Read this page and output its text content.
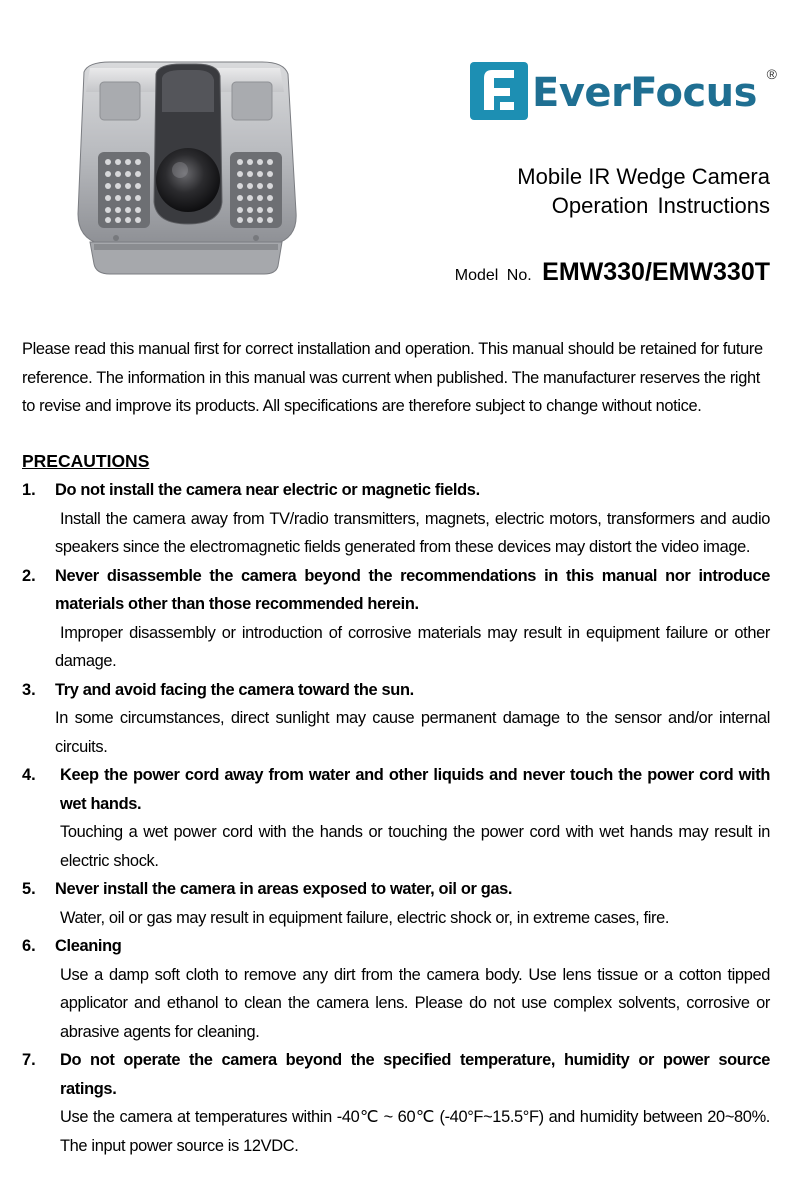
EverFocus ®
Mobile IR Wedge Camera
Operation Instructions
Model No. EMW330/EMW330T
Please read this manual first for correct installation and operation. This manual should be retained for future reference. The information in this manual was current when published. The manufacturer reserves the right to revise and improve its products. All specifications are therefore subject to change without notice.
PRECAUTIONS
1. Do not install the camera near electric or magnetic fields.
Install the camera away from TV/radio transmitters, magnets, electric motors, transformers and audio speakers since the electromagnetic fields generated from these devices may distort the video image.
2. Never disassemble the camera beyond the recommendations in this manual nor introduce materials other than those recommended herein.
Improper disassembly or introduction of corrosive materials may result in equipment failure or other damage.
3. Try and avoid facing the camera toward the sun.
In some circumstances, direct sunlight may cause permanent damage to the sensor and/or internal circuits.
4. Keep the power cord away from water and other liquids and never touch the power cord with wet hands.
Touching a wet power cord with the hands or touching the power cord with wet hands may result in electric shock.
5. Never install the camera in areas exposed to water, oil or gas.
Water, oil or gas may result in equipment failure, electric shock or, in extreme cases, fire.
6. Cleaning
Use a damp soft cloth to remove any dirt from the camera body. Use lens tissue or a cotton tipped applicator and ethanol to clean the camera lens. Please do not use complex solvents, corrosive or abrasive agents for cleaning.
7. Do not operate the camera beyond the specified temperature, humidity or power source ratings.
Use the camera at temperatures within -40℃ ~ 60℃ (-40°F~15.5°F) and humidity between 20~80%. The input power source is 12VDC.
